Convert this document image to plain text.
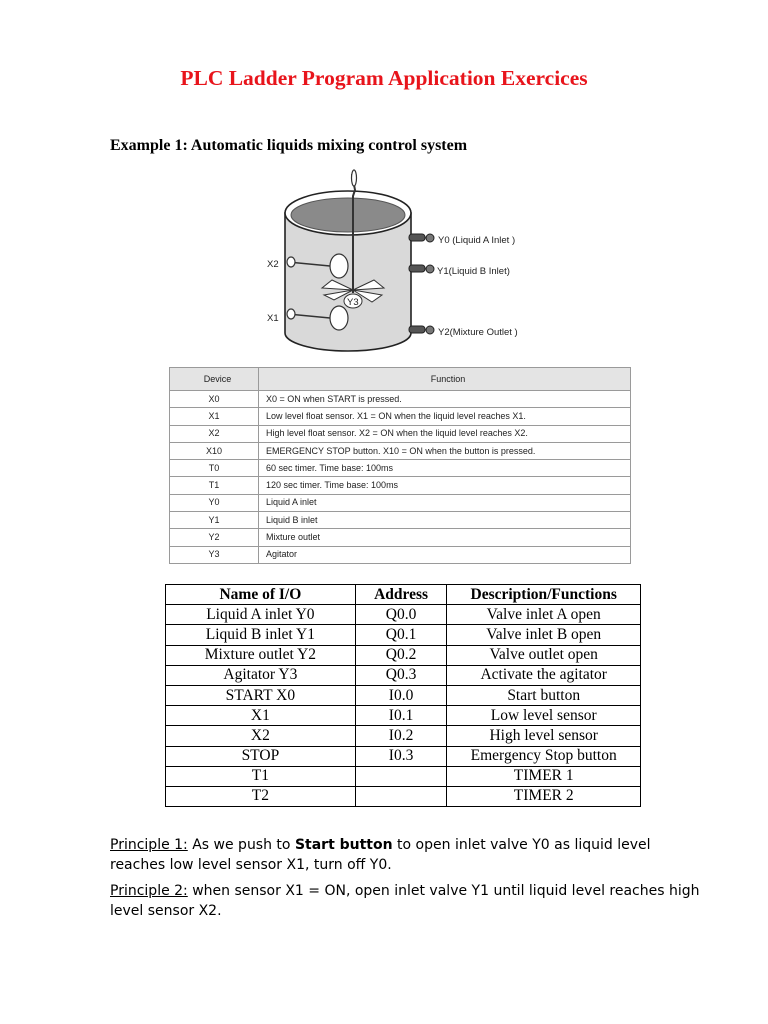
PLC Ladder Program Application Exercices
Example 1: Automatic liquids mixing control system
Y3
X2
X1
Y0 (Liquid A Inlet )
Y1(Liquid B Inlet)
Y2(Mixture Outlet )
Device	Function
X0	X0 = ON when START is pressed.
X1	Low level float sensor. X1 = ON when the liquid level reaches X1.
X2	High level float sensor. X2 = ON when the liquid level reaches X2.
X10	EMERGENCY STOP button. X10 = ON when the button is pressed.
T0	60 sec timer. Time base: 100ms
T1	120 sec timer. Time base: 100ms
Y0	Liquid A inlet
Y1	Liquid B inlet
Y2	Mixture outlet
Y3	Agitator
Name of I/O	Address	Description/Functions
Liquid A inlet Y0	Q0.0	Valve inlet A open
Liquid B inlet Y1	Q0.1	Valve inlet B open
Mixture outlet Y2	Q0.2	Valve outlet open
Agitator Y3	Q0.3	Activate the agitator
START X0	I0.0	Start button
X1	I0.1	Low level sensor
X2	I0.2	High level sensor
STOP	I0.3	Emergency Stop button
T1		TIMER 1
T2		TIMER 2
Principle 1: As we push to Start button to open inlet valve Y0 as liquid level reaches low level sensor X1, turn off Y0.
Principle 2: when sensor X1 = ON, open inlet valve Y1 until liquid level reaches high level sensor X2.
